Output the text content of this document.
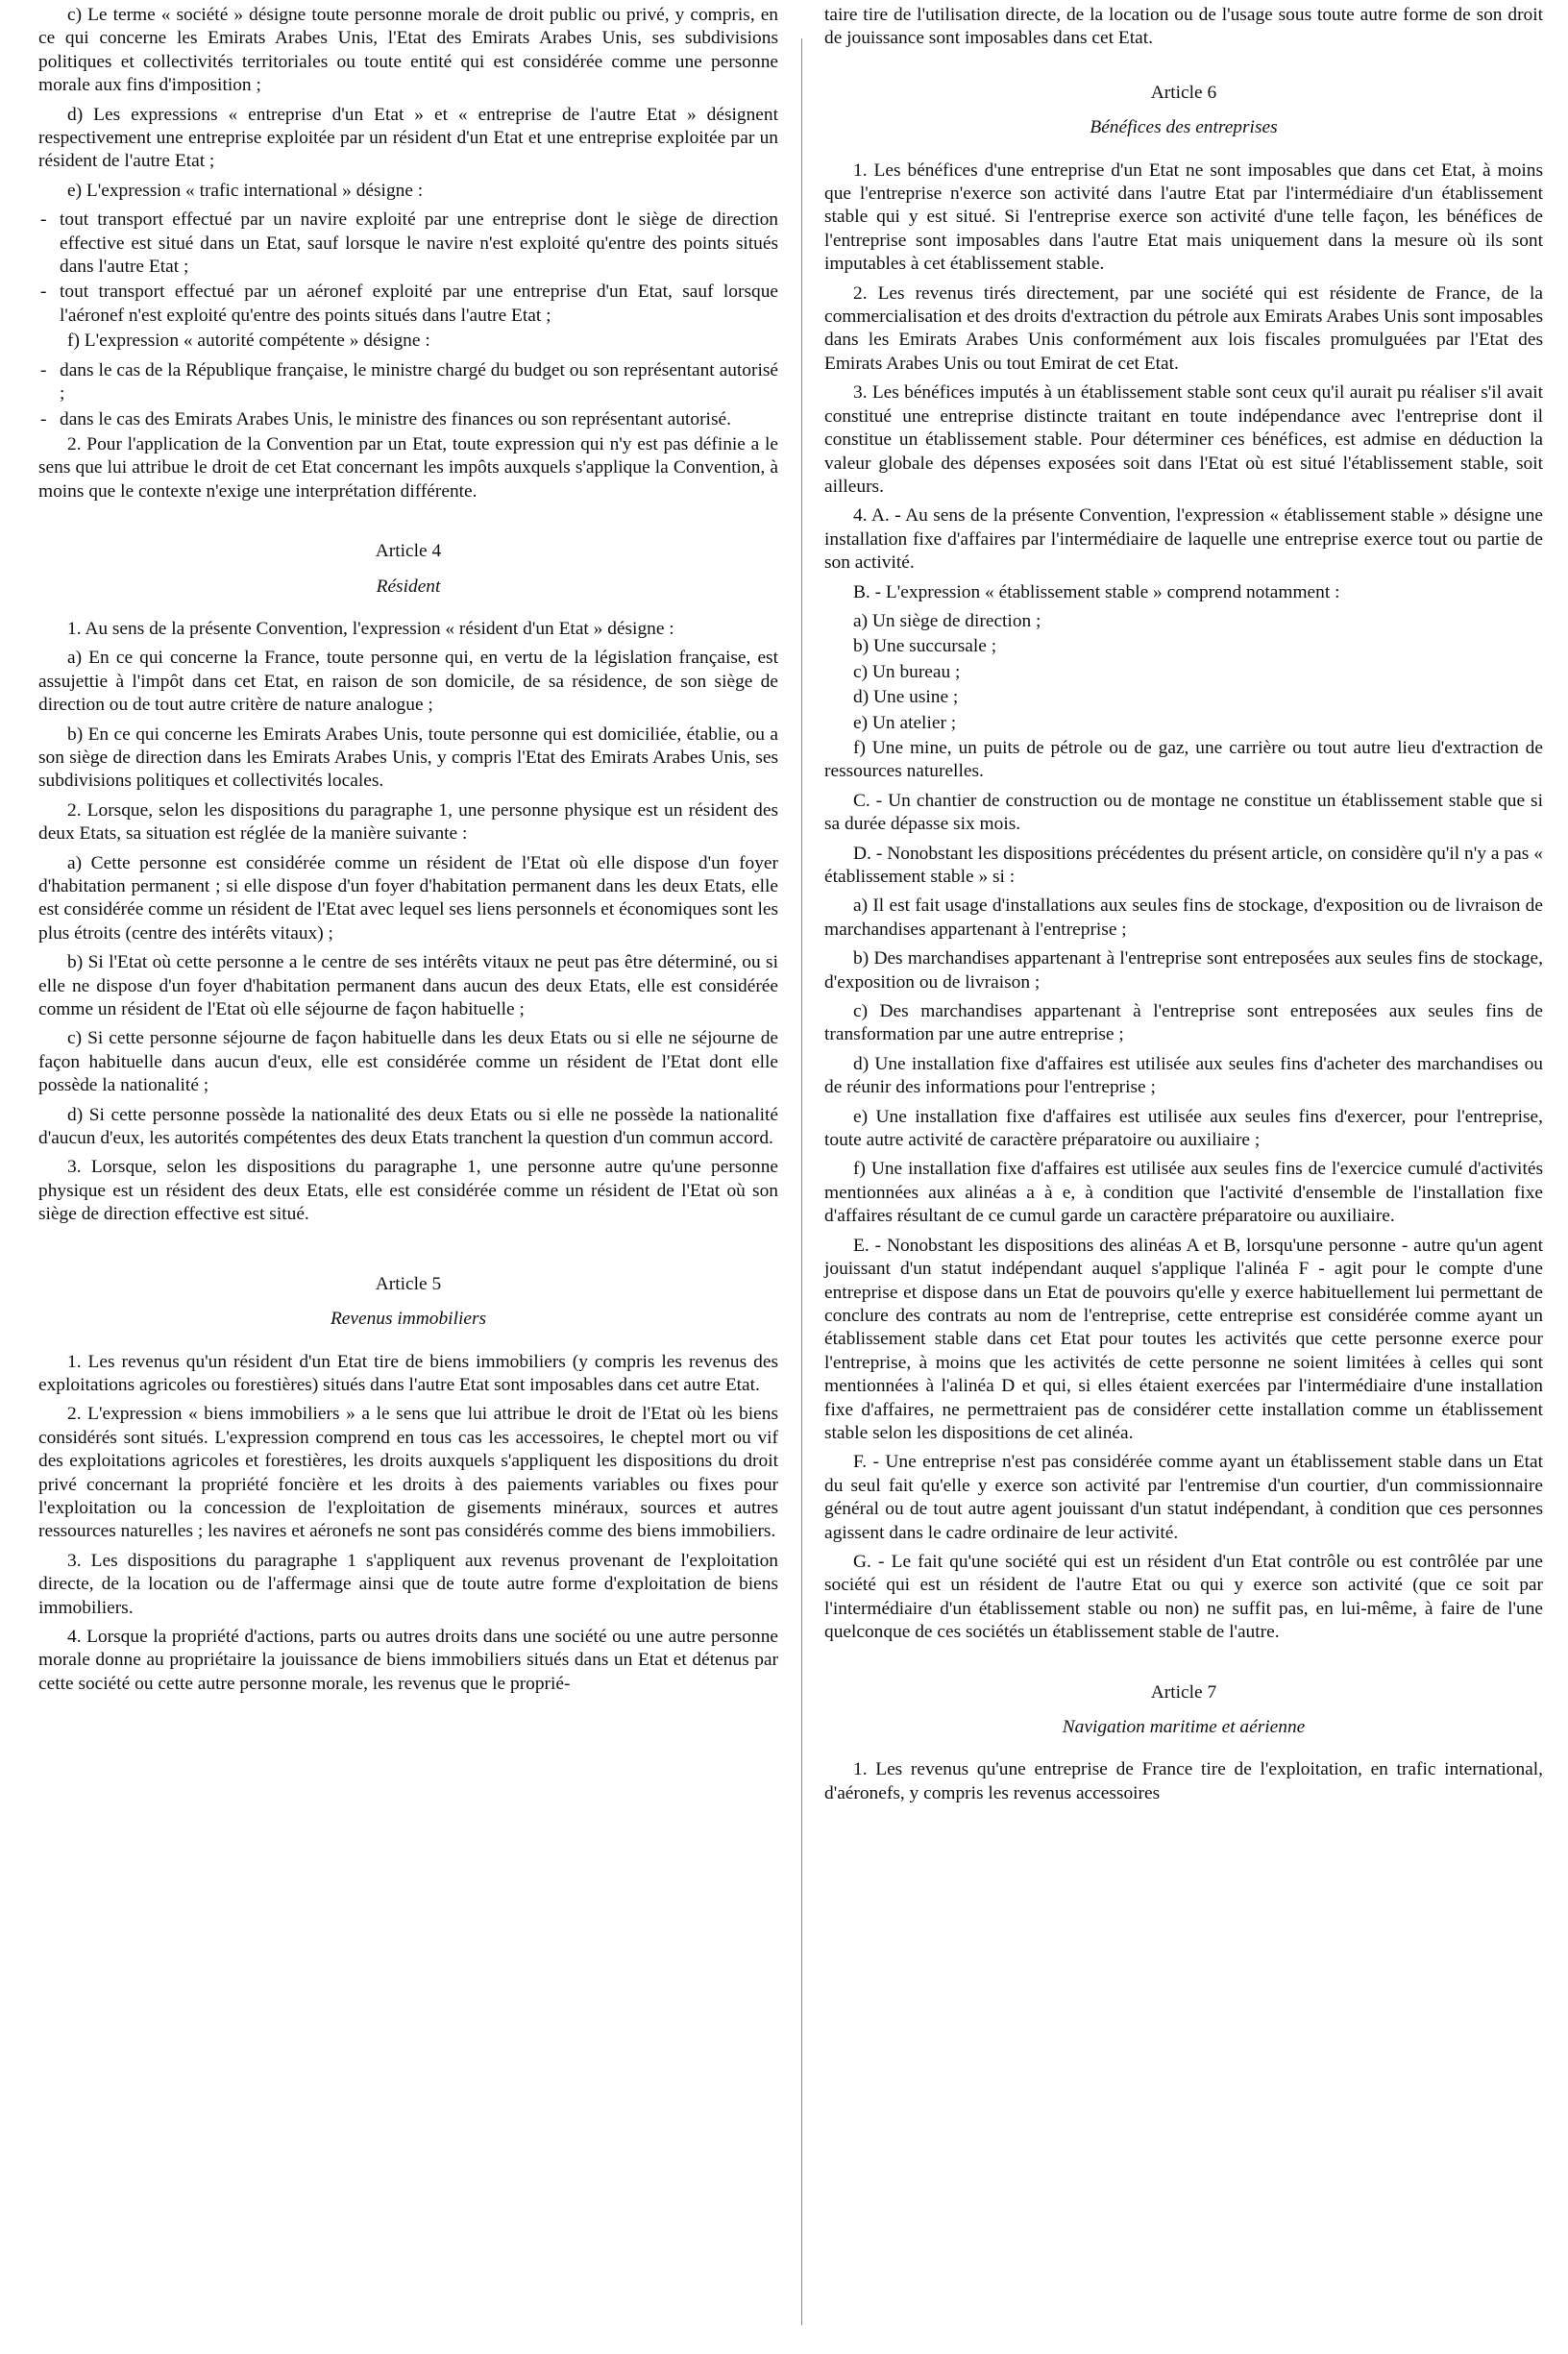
c) Le terme « société » désigne toute personne morale de droit public ou privé, y compris, en ce qui concerne les Emirats Arabes Unis, l'Etat des Emirats Arabes Unis, ses subdivisions politiques et collectivités territoriales ou toute entité qui est considérée comme une personne morale aux fins d'imposition ;

d) Les expressions « entreprise d'un Etat » et « entreprise de l'autre Etat » désignent respectivement une entreprise exploitée par un résident d'un Etat et une entreprise exploitée par un résident de l'autre Etat ;

e) L'expression « trafic international » désigne :

- tout transport effectué par un navire exploité par une entreprise dont le siège de direction effective est situé dans un Etat, sauf lorsque le navire n'est exploité qu'entre des points situés dans l'autre Etat ;

- tout transport effectué par un aéronef exploité par une entreprise d'un Etat, sauf lorsque l'aéronef n'est exploité qu'entre des points situés dans l'autre Etat ;

f) L'expression « autorité compétente » désigne :

- dans le cas de la République française, le ministre chargé du budget ou son représentant autorisé ;

- dans le cas des Emirats Arabes Unis, le ministre des finances ou son représentant autorisé.

2. Pour l'application de la Convention par un Etat, toute expression qui n'y est pas définie a le sens que lui attribue le droit de cet Etat concernant les impôts auxquels s'applique la Convention, à moins que le contexte n'exige une interprétation différente.

Article 4
Résident

1. Au sens de la présente Convention, l'expression « résident d'un Etat » désigne :

a) En ce qui concerne la France, toute personne qui, en vertu de la législation française, est assujettie à l'impôt dans cet Etat, en raison de son domicile, de sa résidence, de son siège de direction ou de tout autre critère de nature analogue ;

b) En ce qui concerne les Emirats Arabes Unis, toute personne qui est domiciliée, établie, ou a son siège de direction dans les Emirats Arabes Unis, y compris l'Etat des Emirats Arabes Unis, ses subdivisions politiques et collectivités locales.

2. Lorsque, selon les dispositions du paragraphe 1, une personne physique est un résident des deux Etats, sa situation est réglée de la manière suivante :

a) Cette personne est considérée comme un résident de l'Etat où elle dispose d'un foyer d'habitation permanent ; si elle dispose d'un foyer d'habitation permanent dans les deux Etats, elle est considérée comme un résident de l'Etat avec lequel ses liens personnels et économiques sont les plus étroits (centre des intérêts vitaux) ;

b) Si l'Etat où cette personne a le centre de ses intérêts vitaux ne peut pas être déterminé, ou si elle ne dispose d'un foyer d'habitation permanent dans aucun des deux Etats, elle est considérée comme un résident de l'Etat où elle séjourne de façon habituelle ;

c) Si cette personne séjourne de façon habituelle dans les deux Etats ou si elle ne séjourne de façon habituelle dans aucun d'eux, elle est considérée comme un résident de l'Etat dont elle possède la nationalité ;

d) Si cette personne possède la nationalité des deux Etats ou si elle ne possède la nationalité d'aucun d'eux, les autorités compétentes des deux Etats tranchent la question d'un commun accord.

3. Lorsque, selon les dispositions du paragraphe 1, une personne autre qu'une personne physique est un résident des deux Etats, elle est considérée comme un résident de l'Etat où son siège de direction effective est situé.

Article 5
Revenus immobiliers

1. Les revenus qu'un résident d'un Etat tire de biens immobiliers (y compris les revenus des exploitations agricoles ou forestières) situés dans l'autre Etat sont imposables dans cet autre Etat.

2. L'expression « biens immobiliers » a le sens que lui attribue le droit de l'Etat où les biens considérés sont situés. L'expression comprend en tous cas les accessoires, le cheptel mort ou vif des exploitations agricoles et forestières, les droits auxquels s'appliquent les dispositions du droit privé concernant la propriété foncière et les droits à des paiements variables ou fixes pour l'exploitation ou la concession de l'exploitation de gisements minéraux, sources et autres ressources naturelles ; les navires et aéronefs ne sont pas considérés comme des biens immobiliers.

3. Les dispositions du paragraphe 1 s'appliquent aux revenus provenant de l'exploitation directe, de la location ou de l'affermage ainsi que de toute autre forme d'exploitation de biens immobiliers.

4. Lorsque la propriété d'actions, parts ou autres droits dans une société ou une autre personne morale donne au propriétaire la jouissance de biens immobiliers situés dans un Etat et détenus par cette société ou cette autre personne morale, les revenus que le proprié-

taire tire de l'utilisation directe, de la location ou de l'usage sous toute autre forme de son droit de jouissance sont imposables dans cet Etat.

Article 6
Bénéfices des entreprises

1. Les bénéfices d'une entreprise d'un Etat ne sont imposables que dans cet Etat, à moins que l'entreprise n'exerce son activité dans l'autre Etat par l'intermédiaire d'un établissement stable qui y est situé. Si l'entreprise exerce son activité d'une telle façon, les bénéfices de l'entreprise sont imposables dans l'autre Etat mais uniquement dans la mesure où ils sont imputables à cet établissement stable.

2. Les revenus tirés directement, par une société qui est résidente de France, de la commercialisation et des droits d'extraction du pétrole aux Emirats Arabes Unis sont imposables dans les Emirats Arabes Unis conformément aux lois fiscales promulguées par l'Etat des Emirats Arabes Unis ou tout Emirat de cet Etat.

3. Les bénéfices imputés à un établissement stable sont ceux qu'il aurait pu réaliser s'il avait constitué une entreprise distincte traitant en toute indépendance avec l'entreprise dont il constitue un établissement stable. Pour déterminer ces bénéfices, est admise en déduction la valeur globale des dépenses exposées soit dans l'Etat où est situé l'établissement stable, soit ailleurs.

4. A. - Au sens de la présente Convention, l'expression « établissement stable » désigne une installation fixe d'affaires par l'intermédiaire de laquelle une entreprise exerce tout ou partie de son activité.

B. - L'expression « établissement stable » comprend notamment :

a) Un siège de direction ;

b) Une succursale ;

c) Un bureau ;

d) Une usine ;

e) Un atelier ;

f) Une mine, un puits de pétrole ou de gaz, une carrière ou tout autre lieu d'extraction de ressources naturelles.

C. - Un chantier de construction ou de montage ne constitue un établissement stable que si sa durée dépasse six mois.

D. - Nonobstant les dispositions précédentes du présent article, on considère qu'il n'y a pas « établissement stable » si :

a) Il est fait usage d'installations aux seules fins de stockage, d'exposition ou de livraison de marchandises appartenant à l'entreprise ;

b) Des marchandises appartenant à l'entreprise sont entreposées aux seules fins de stockage, d'exposition ou de livraison ;

c) Des marchandises appartenant à l'entreprise sont entreposées aux seules fins de transformation par une autre entreprise ;

d) Une installation fixe d'affaires est utilisée aux seules fins d'acheter des marchandises ou de réunir des informations pour l'entreprise ;

e) Une installation fixe d'affaires est utilisée aux seules fins d'exercer, pour l'entreprise, toute autre activité de caractère préparatoire ou auxiliaire ;

f) Une installation fixe d'affaires est utilisée aux seules fins de l'exercice cumulé d'activités mentionnées aux alinéas a à e, à condition que l'activité d'ensemble de l'installation fixe d'affaires résultant de ce cumul garde un caractère préparatoire ou auxiliaire.

E. - Nonobstant les dispositions des alinéas A et B, lorsqu'une personne - autre qu'un agent jouissant d'un statut indépendant auquel s'applique l'alinéa F - agit pour le compte d'une entreprise et dispose dans un Etat de pouvoirs qu'elle y exerce habituellement lui permettant de conclure des contrats au nom de l'entreprise, cette entreprise est considérée comme ayant un établissement stable dans cet Etat pour toutes les activités que cette personne exerce pour l'entreprise, à moins que les activités de cette personne ne soient limitées à celles qui sont mentionnées à l'alinéa D et qui, si elles étaient exercées par l'intermédiaire d'une installation fixe d'affaires, ne permettraient pas de considérer cette installation comme un établissement stable selon les dispositions de cet alinéa.

F. - Une entreprise n'est pas considérée comme ayant un établissement stable dans un Etat du seul fait qu'elle y exerce son activité par l'entremise d'un courtier, d'un commissionnaire général ou de tout autre agent jouissant d'un statut indépendant, à condition que ces personnes agissent dans le cadre ordinaire de leur activité.

G. - Le fait qu'une société qui est un résident d'un Etat contrôle ou est contrôlée par une société qui est un résident de l'autre Etat ou qui y exerce son activité (que ce soit par l'intermédiaire d'un établissement stable ou non) ne suffit pas, en lui-même, à faire de l'une quelconque de ces sociétés un établissement stable de l'autre.

Article 7
Navigation maritime et aérienne

1. Les revenus qu'une entreprise de France tire de l'exploitation, en trafic international, d'aéronefs, y compris les revenus accessoires
